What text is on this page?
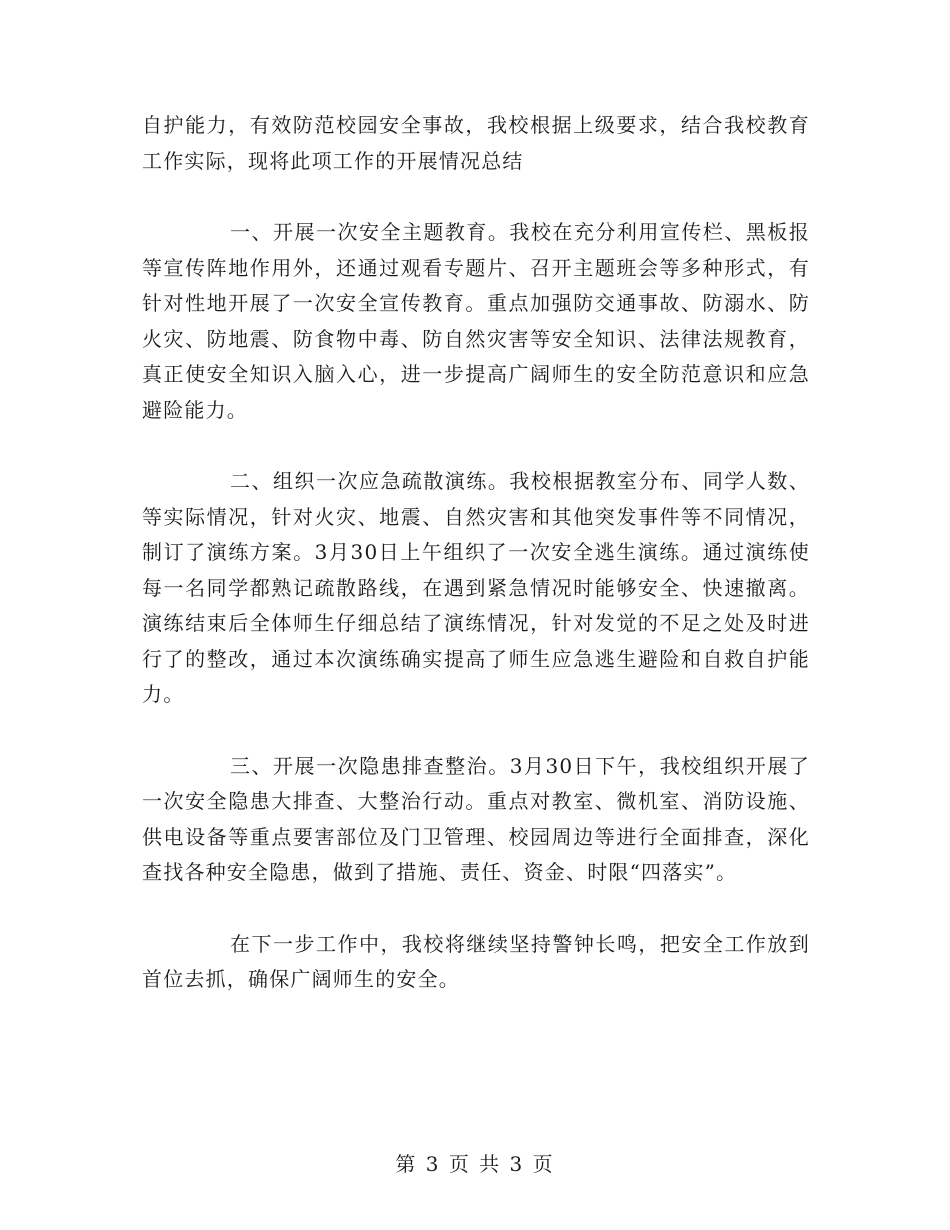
自护能力，有效防范校园安全事故，我校根据上级要求，结合我校教育工作实际，现将此项工作的开展情况总结

一、开展一次安全主题教育。我校在充分利用宣传栏、黑板报等宣传阵地作用外，还通过观看专题片、召开主题班会等多种形式，有针对性地开展了一次安全宣传教育。重点加强防交通事故、防溺水、防火灾、防地震、防食物中毒、防自然灾害等安全知识、法律法规教育，真正使安全知识入脑入心，进一步提高广阔师生的安全防范意识和应急避险能力。

二、组织一次应急疏散演练。我校根据教室分布、同学人数、等实际情况，针对火灾、地震、自然灾害和其他突发事件等不同情况，制订了演练方案。3月30日上午组织了一次安全逃生演练。通过演练使每一名同学都熟记疏散路线，在遇到紧急情况时能够安全、快速撤离。演练结束后全体师生仔细总结了演练情况，针对发觉的不足之处及时进行了的整改，通过本次演练确实提高了师生应急逃生避险和自救自护能力。

三、开展一次隐患排查整治。3月30日下午，我校组织开展了一次安全隐患大排查、大整治行动。重点对教室、微机室、消防设施、供电设备等重点要害部位及门卫管理、校园周边等进行全面排查，深化查找各种安全隐患，做到了措施、责任、资金、时限“四落实”。

在下一步工作中，我校将继续坚持警钟长鸣，把安全工作放到首位去抓，确保广阔师生的安全。

第 3 页 共 3 页
